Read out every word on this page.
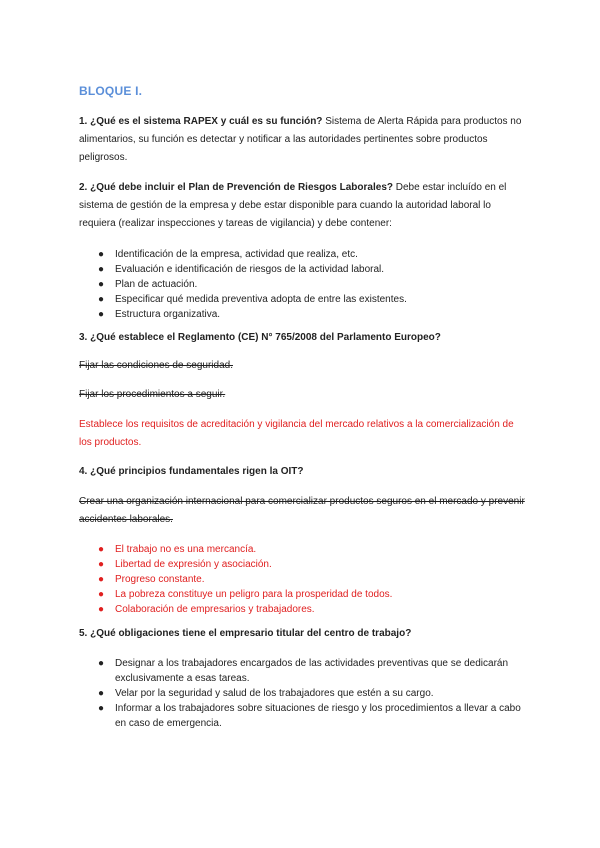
BLOQUE I.

1. ¿Qué es el sistema RAPEX y cuál es su función? Sistema de Alerta Rápida para productos no alimentarios, su función es detectar y notificar a las autoridades pertinentes sobre productos peligrosos.

2. ¿Qué debe incluir el Plan de Prevención de Riesgos Laborales? Debe estar incluído en el sistema de gestión de la empresa y debe estar disponible para cuando la autoridad laboral lo requiera (realizar inspecciones y tareas de vigilancia) y debe contener:

● Identificación de la empresa, actividad que realiza, etc.
● Evaluación e identificación de riesgos de la actividad laboral.
● Plan de actuación.
● Especificar qué medida preventiva adopta de entre las existentes.
● Estructura organizativa.

3. ¿Qué establece el Reglamento (CE) N° 765/2008 del Parlamento Europeo?

Fijar las condiciones de seguridad.

Fijar los procedimientos a seguir.

Establece los requisitos de acreditación y vigilancia del mercado relativos a la comercialización de los productos.

4. ¿Qué principios fundamentales rigen la OIT?

Crear una organización internacional para comercializar productos seguros en el mercado y prevenir accidentes laborales.

● El trabajo no es una mercancía.
● Libertad de expresión y asociación.
● Progreso constante.
● La pobreza constituye un peligro para la prosperidad de todos.
● Colaboración de empresarios y trabajadores.

5. ¿Qué obligaciones tiene el empresario titular del centro de trabajo?

● Designar a los trabajadores encargados de las actividades preventivas que se dedicarán exclusivamente a esas tareas.
● Velar por la seguridad y salud de los trabajadores que estén a su cargo.
● Informar a los trabajadores sobre situaciones de riesgo y los procedimientos a llevar a cabo en caso de emergencia.
